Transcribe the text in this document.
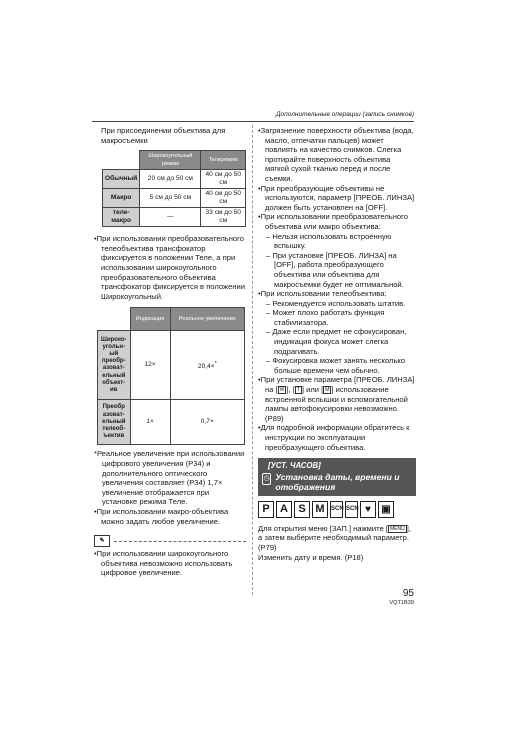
Дополнительные операции (запись снимков)

При присоединении объектива для макросъемки

	Широкоугольный режим	Телережим
Обычный	20 см до 50 см	40 см до 50 см
Макро	5 см до 50 см	40 см до 50 см
теле-макро	—	33 см до 50 см

•При использовании преобразовательного телеобъектива трансфокатор фиксируется в положении Теле, а при использовании широкоугольного преобразовательного объектива трансфокатор фиксируется в положении Широкоугольный.

	Индикация	Реальное увеличение
Широко-угольн-ый преобр-азоват-ельный объект-ив	12×	20,4×*
Преобр азоват-ельный телеоб-ъектив	1×	0,7×

*Реальное увеличение при использовании цифрового увеличения (P34) и дополнительного оптического увеличения составляет (P34) 1,7× увеличение отображается при установке режима Теле.

•При использовании макро-объектива можно задать любое увеличение.

✎

•При использовании широкоугольного объектива невозможно использовать цифровое увеличение.

•Загрязнение поверхности объектива (вода, масло, отпечатки пальцев) может повлиять на качество снимков. Слегка протирайте поверхность объектива мягкой сухой тканью перед и после съемки.

•При преобразующие объективы не используются, параметр [ПРЕОБ. ЛИНЗА] должен быть установлен на [OFF].

•При использовании преобразовательного объектива или макро объектива:

– Нельзя использовать встроенную вспышку.

– При установке [ПРЕОБ. ЛИНЗА] на [OFF], работа преобразующего объектива или объектива для макросъемки будет не оптимальной.

•При использовании телеобъектива:

– Рекомендуется использовать штатив.

– Может плохо работать функция стабилизатора.

– Даже если предмет не сфокусирован, индикация фокуса может слегка подрагивать.

– Фокусировка может занять несколько больше времени чем обычно.

•При установке параметра [ПРЕОБ. ЛИНЗА] на [ W ], [ T ] или [ M ] использование встроенной вспышки и вспомогательной лампы автофокусировки невозможно. (P89)

•Для подробной информации обратитесь к инструкции по эксплуатации преобразующего объектива.

[УСТ. ЧАСОВ]
◷ Установка даты, времени и отображения
P A S M	SCN SCN ♥	▣

Для открытия меню [ЗАП.] нажмите [ MENU ], а затем выберите необходимый параметр. (P79)

Изменить дату и время. (P18)

95
VQT1B39
